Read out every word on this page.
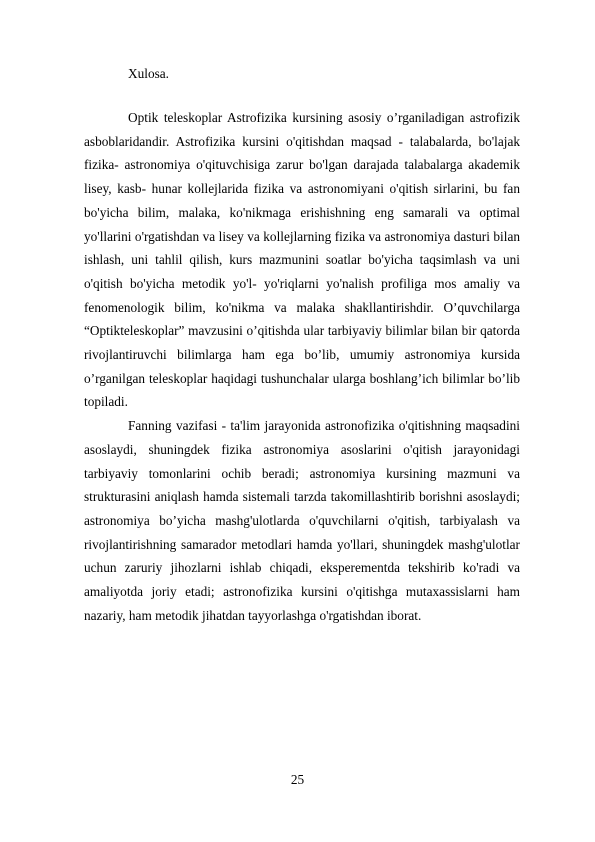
Xulosa.

Optik teleskoplar Astrofizika kursining asosiy o’rganiladigan astrofizik asboblaridandir. Astrofizika kursini o'qitishdan maqsad - talabalarda, bo'lajak fizika- astronomiya o'qituvchisiga zarur bo'lgan darajada talabalarga akademik lisey, kasb- hunar kollejlarida fizika va astronomiyani o'qitish sirlarini, bu fan bo'yicha bilim, malaka, ko'nikmaga erishishning eng samarali va optimal yo'llarini o'rgatishdan va lisey va kollejlarning fizika va astronomiya dasturi bilan ishlash, uni tahlil qilish, kurs mazmunini soatlar bo'yicha taqsimlash va uni o'qitish bo'yicha metodik yo'l- yo'riqlarni yo'nalish profiliga mos amaliy va fenomenologik bilim, ko'nikma va malaka shakllantirishdir. O’quvchilarga “Optikteleskoplar” mavzusini o’qitishda ular tarbiyaviy bilimlar bilan bir qatorda rivojlantiruvchi bilimlarga ham ega bo’lib, umumiy astronomiya kursida o’rganilgan teleskoplar haqidagi tushunchalar ularga boshlang’ich bilimlar bo’lib topiladi.

Fanning vazifasi - ta'lim jarayonida astronofizika o'qitishning maqsadini asoslaydi, shuningdek fizika astronomiya asoslarini o'qitish jarayonidagi tarbiyaviy tomonlarini ochib beradi; astronomiya kursining mazmuni va strukturasini aniqlash hamda sistemali tarzda takomillashtirib borishni asoslaydi; astronomiya bo’yicha mashg'ulotlarda o'quvchilarni o'qitish, tarbiyalash va rivojlantirishning samarador metodlari hamda yo'llari, shuningdek mashg'ulotlar uchun zaruriy jihozlarni ishlab chiqadi, eksperementda tekshirib ko'radi va amaliyotda joriy etadi; astronofizika kursini o'qitishga mutaxassislarni ham nazariy, ham metodik jihatdan tayyorlashga o'rgatishdan iborat.

25
